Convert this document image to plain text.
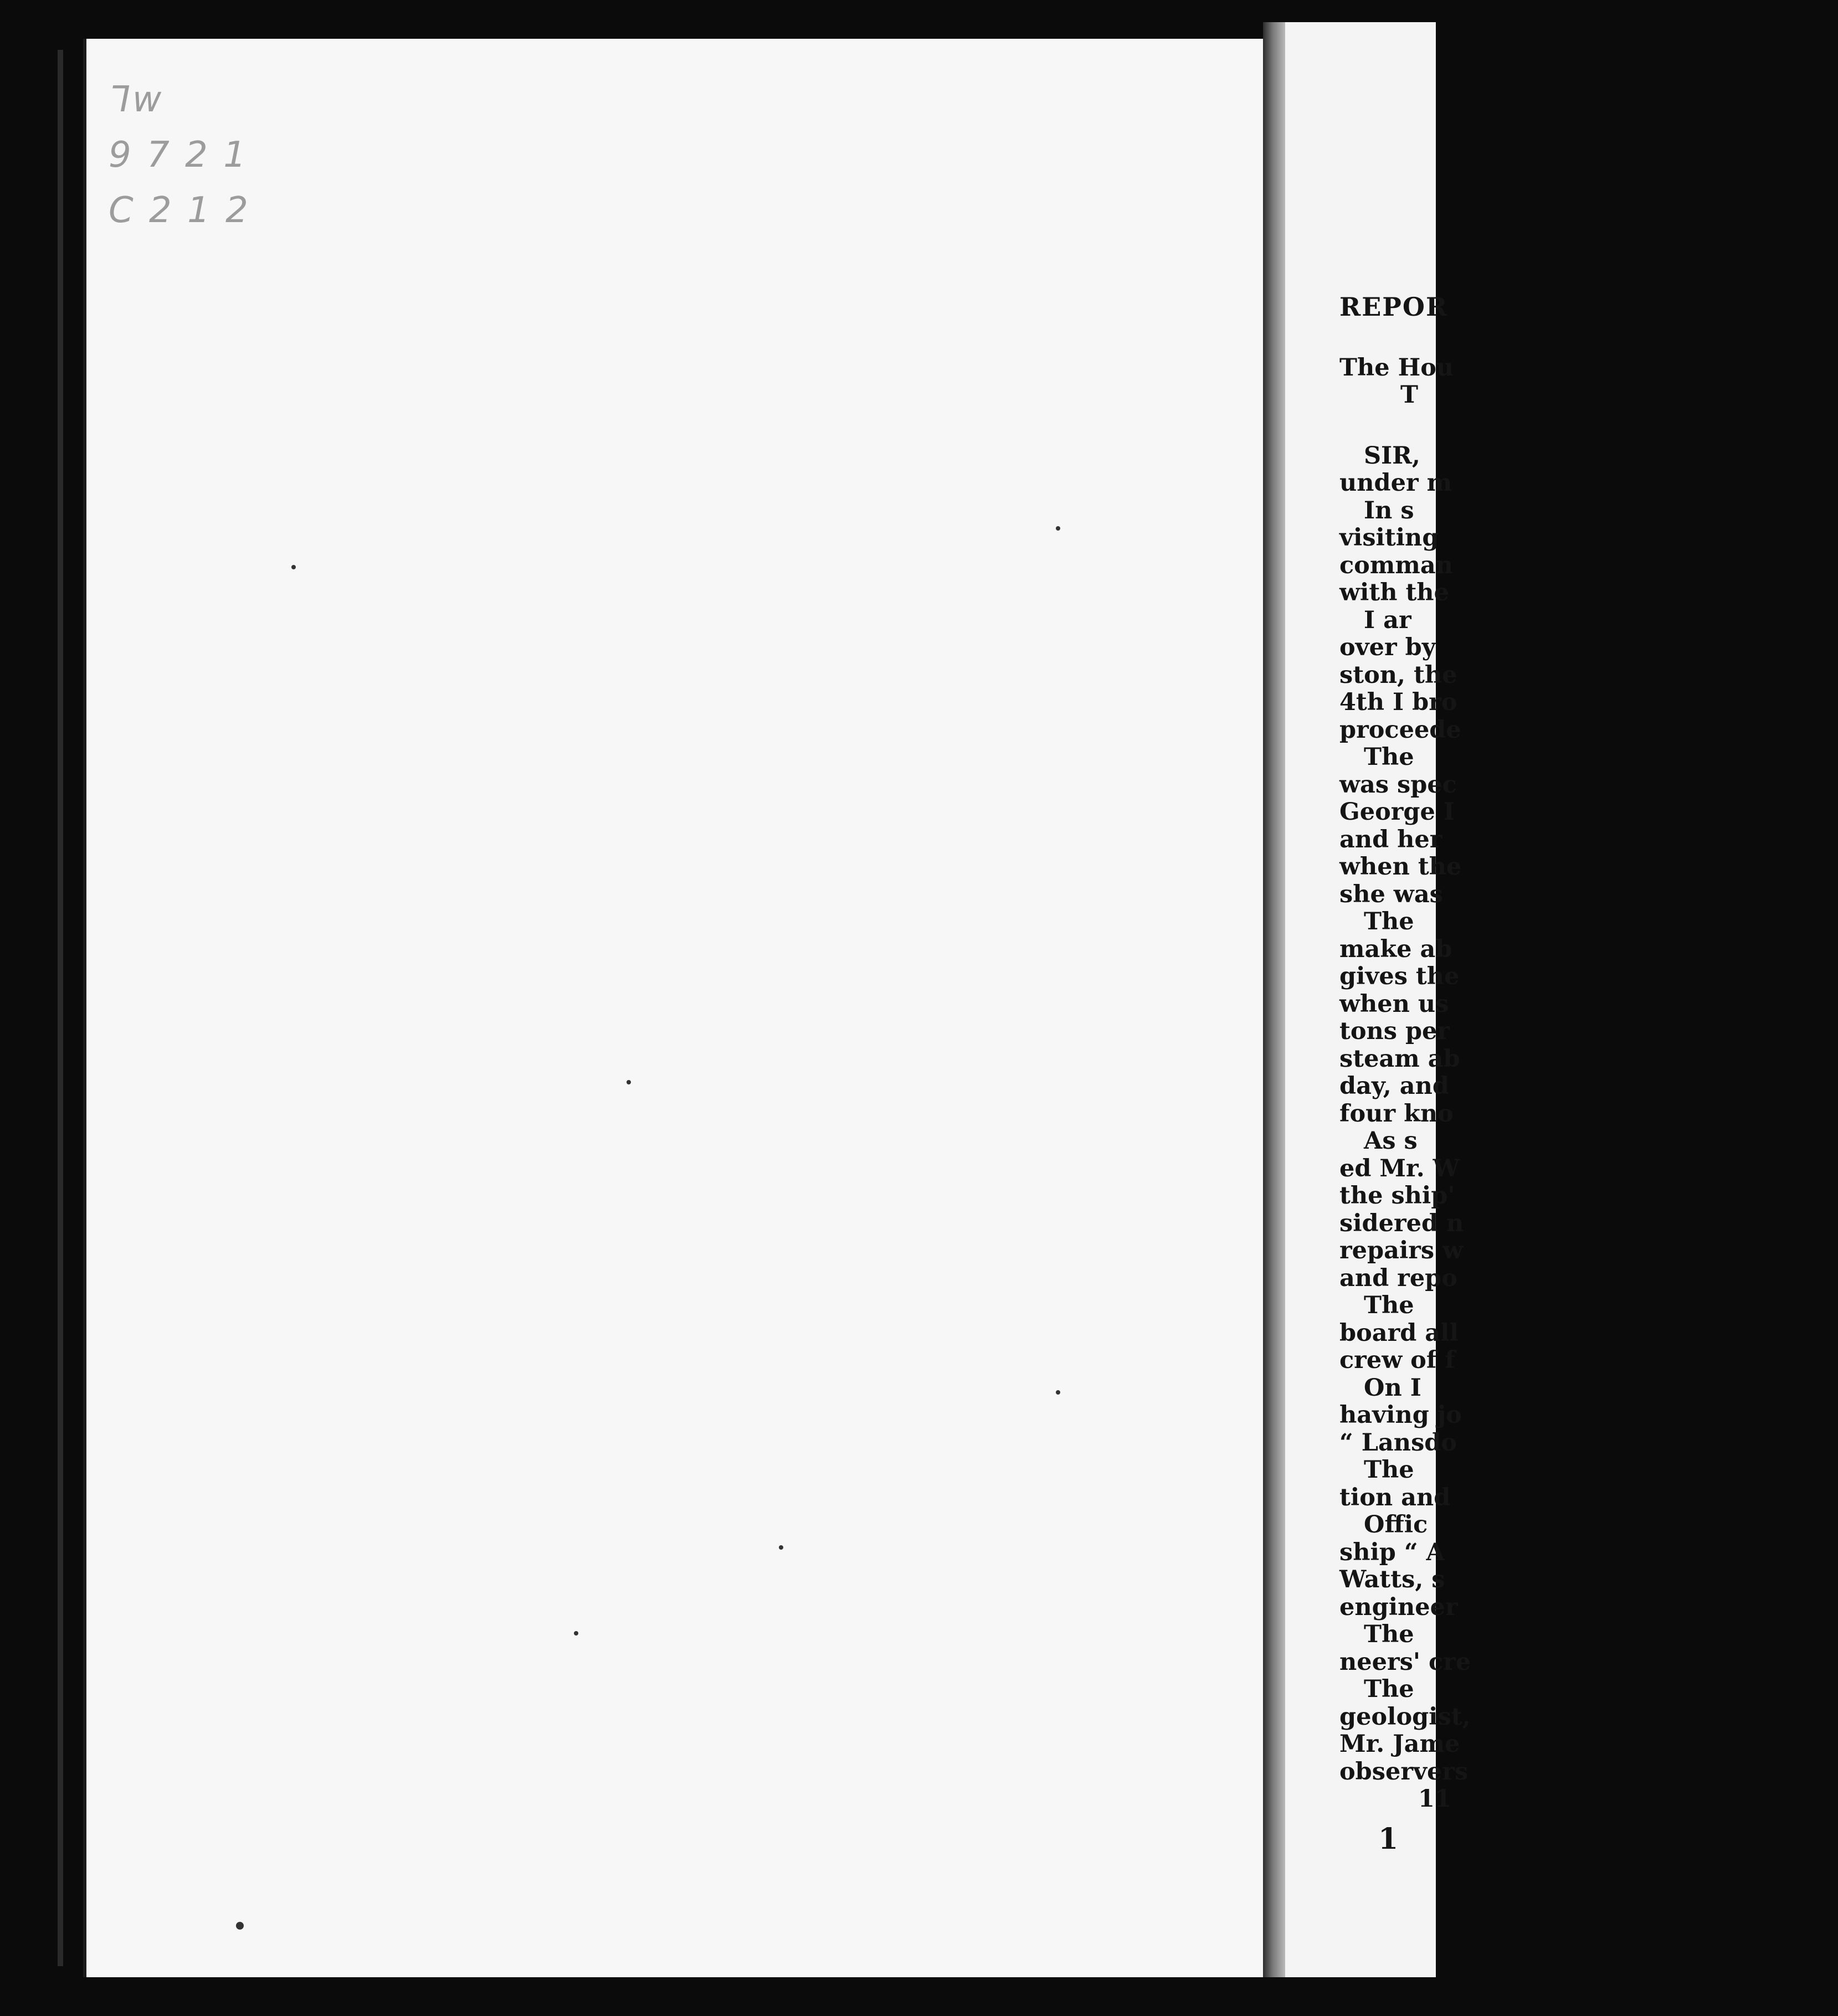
ᒣw
9 7 2 1
C 2 1 2
REPOR
The Hou
T
SIR,
under m
In s
visiting
comman
with the
I ar
over by
ston, the
4th I bro
proceede
The
was spec
George I
and her
when the
she was
The
make ab
gives the
when us
tons per
steam ab
day, and
four kno
As s
ed Mr. W
the ship'
sidered n
repairs w
and repo
The
board all
crew of f
On I
having jo
“ Lansdo
The
tion and
Offic
ship “ A
Watts, s
engineer
The
neers' cre
The
geologist,
Mr. Jame
observers
11
1
